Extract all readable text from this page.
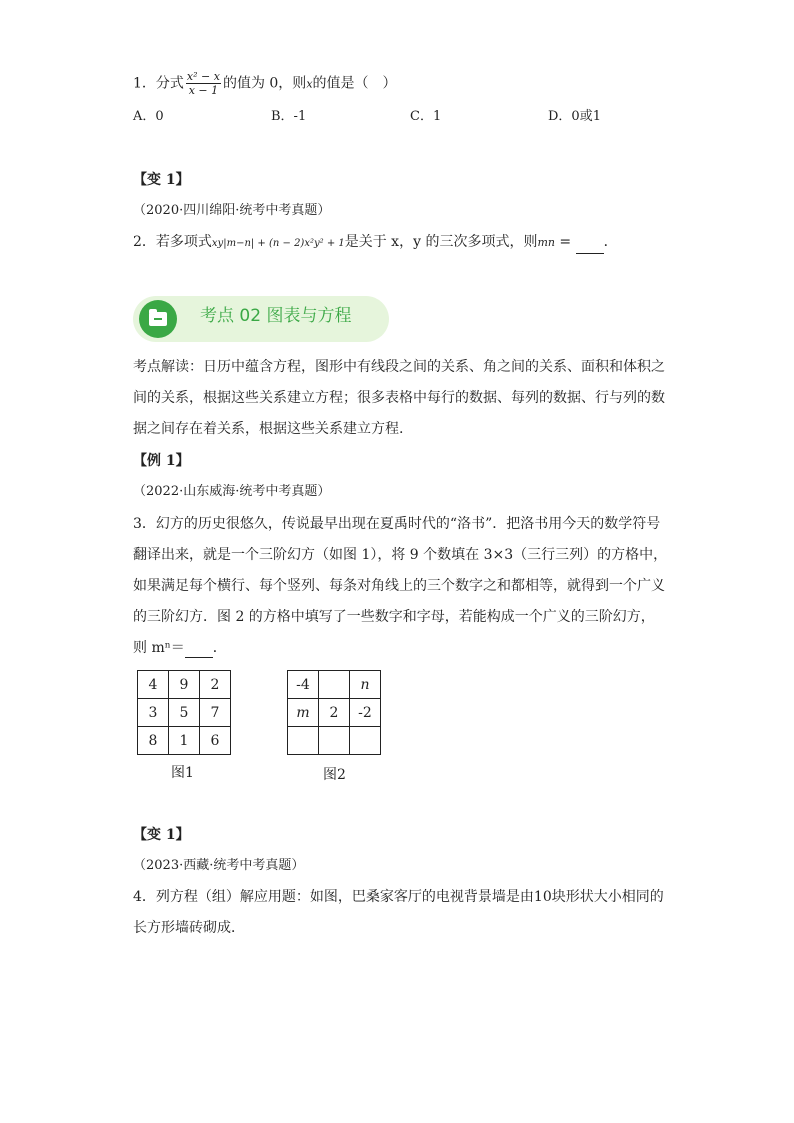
1．分式 $\frac{\text{x² − x}}{x - 1}$ 的值为 0，则x的值是（　）
A．0	B．-1	C．1	D．0或1
【变 1】
（2020·四川绵阳·统考中考真题）
2．若多项式xy|m−n| + (n − 2)x²y² + 1是关于 x，y 的三次多项式，则mn = ．
考点 02 图表与方程
考点解读：日历中蕴含方程，图形中有线段之间的关系、角之间的关系、面积和体积之
间的关系，根据这些关系建立方程；很多表格中每行的数据、每列的数据、行与列的数
据之间存在着关系，根据这些关系建立方程.
【例 1】
（2022·山东威海·统考中考真题）
3．幻方的历史很悠久，传说最早出现在夏禹时代的“洛书”．把洛书用今天的数学符号
翻译出来，就是一个三阶幻方（如图 1），将 9 个数填在 3×3（三行三列）的方格中，
如果满足每个横行、每个竖列、每条对角线上的三个数字之和都相等，就得到一个广义
的三阶幻方．图 2 的方格中填写了一些数字和字母，若能构成一个广义的三阶幻方，
则 mⁿ＝ ．
4	9	2
3	5	7
8	1	6
图1
-4		n
m	2	-2

图2
【变 1】
（2023·西藏·统考中考真题）
4．列方程（组）解应用题：如图，巴桑家客厅的电视背景墙是由10块形状大小相同的
长方形墙砖砌成．
